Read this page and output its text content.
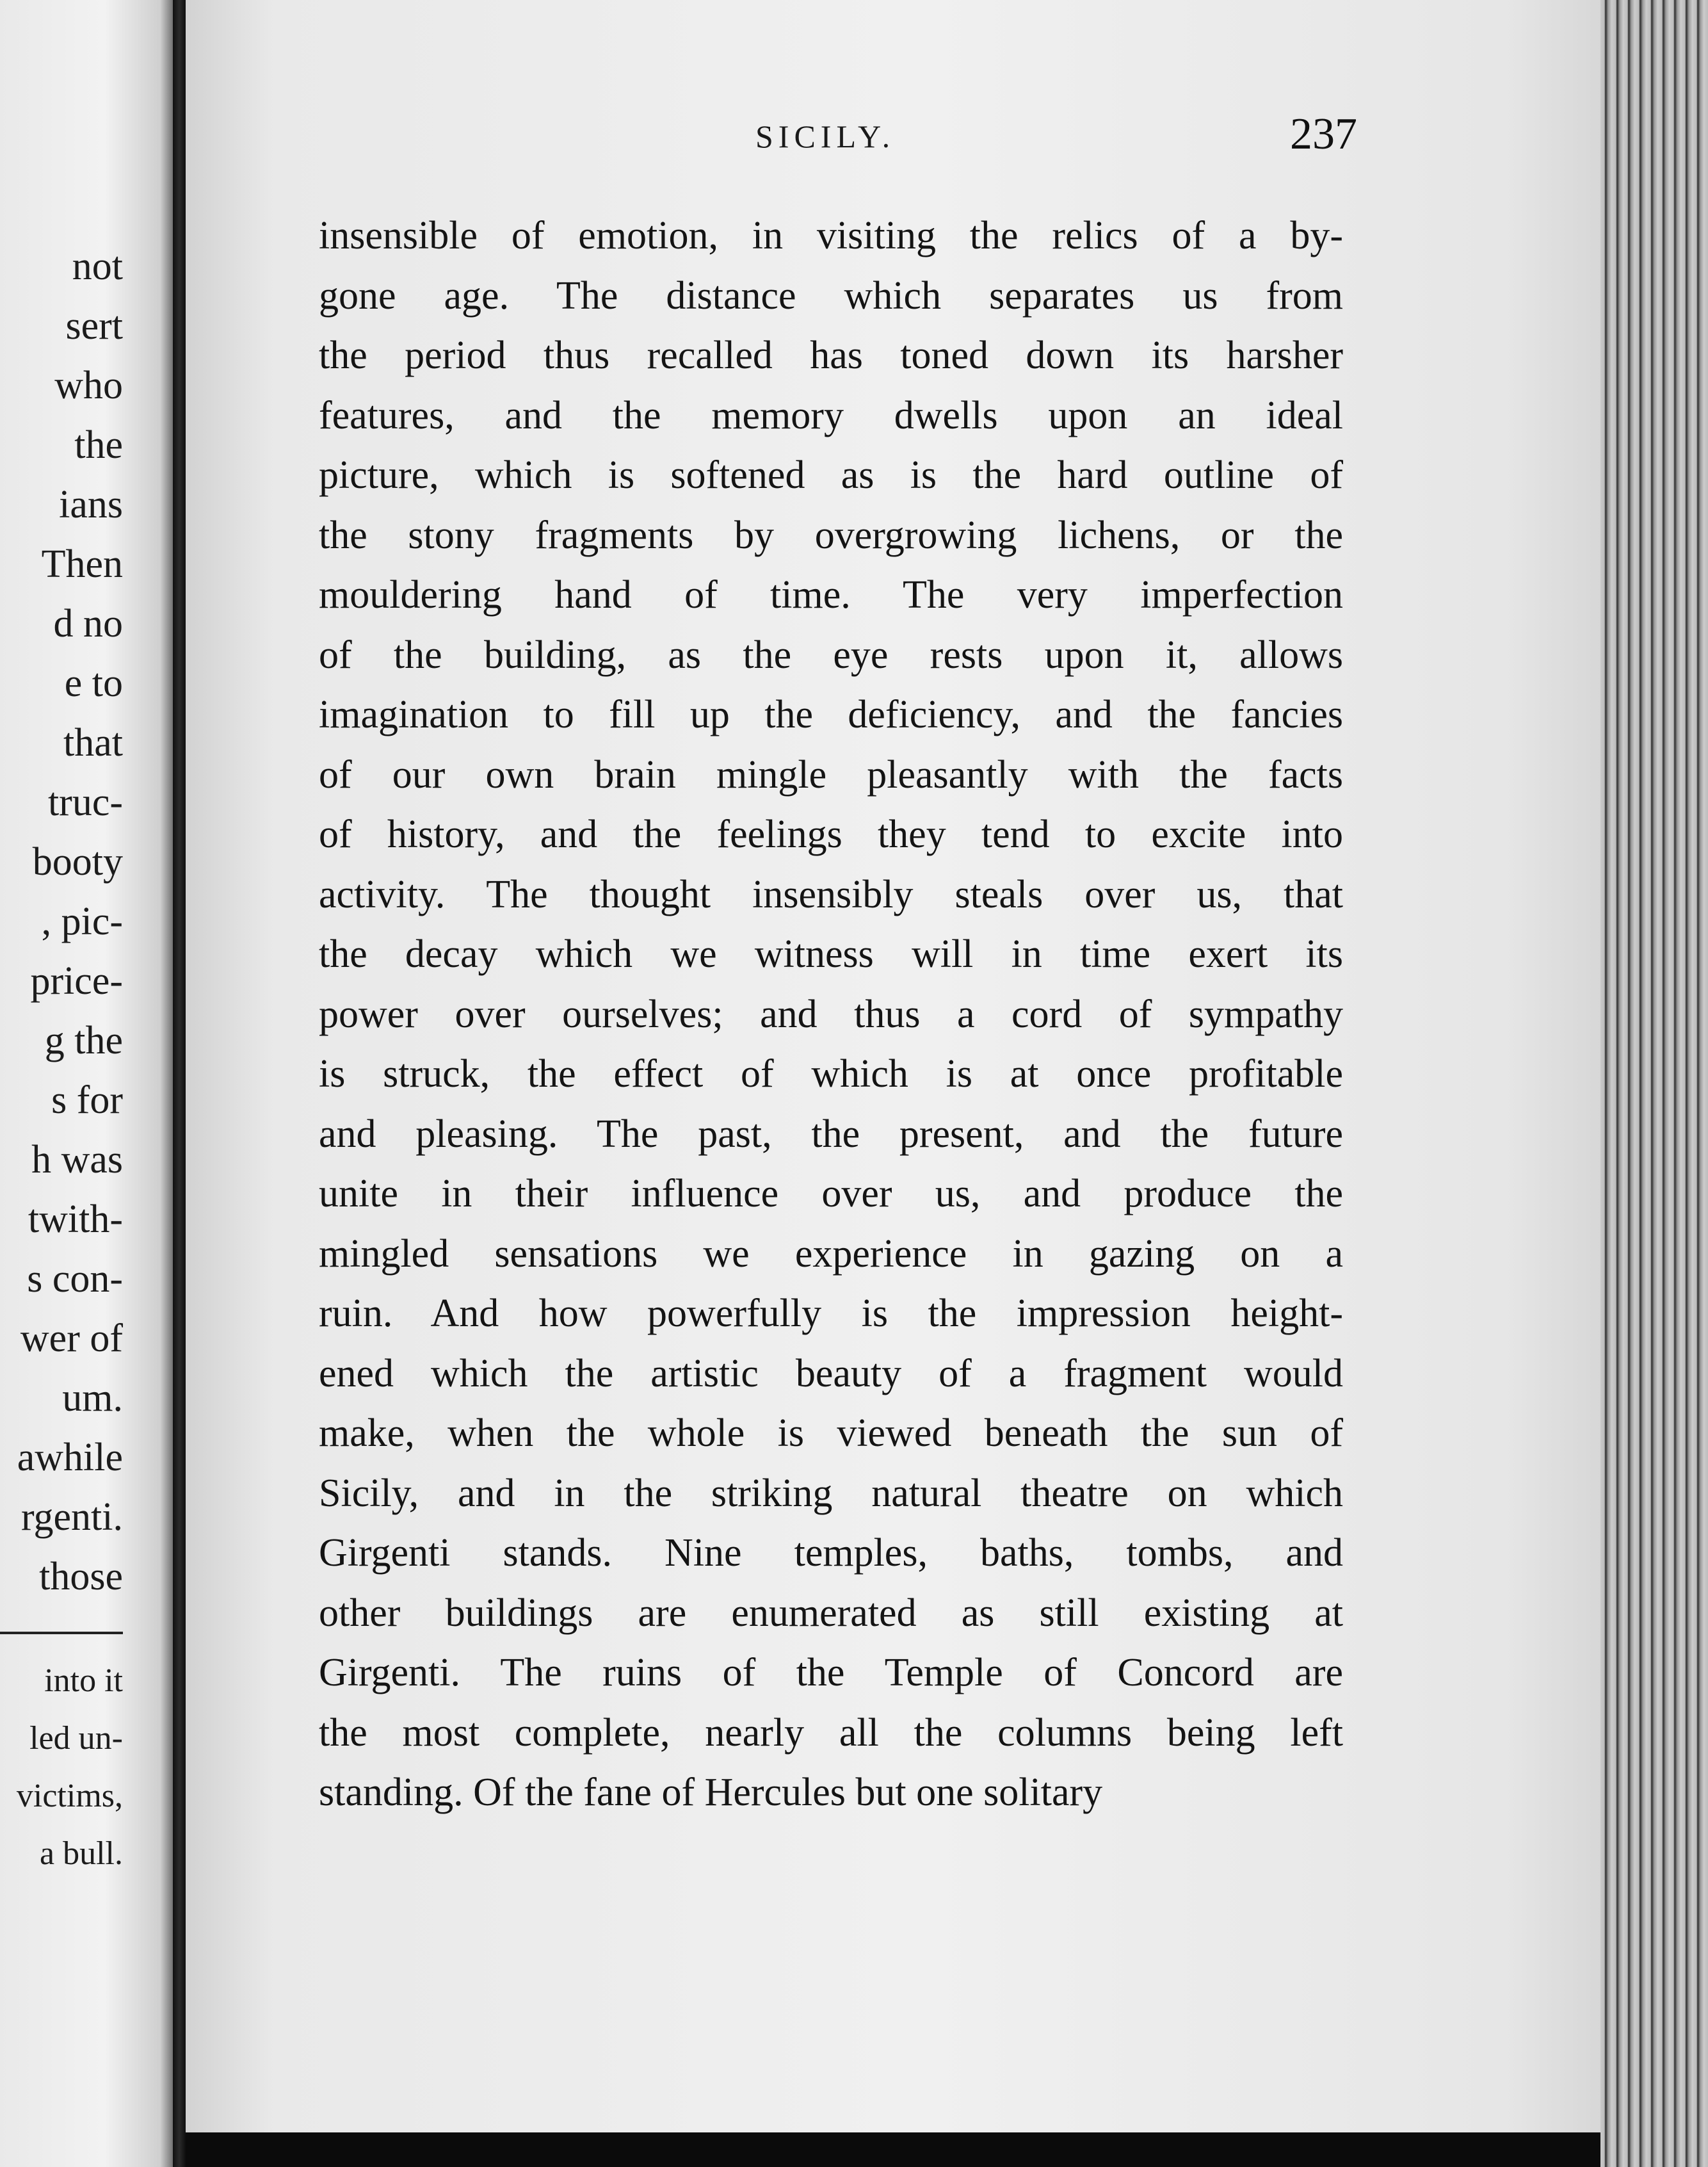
not
sert
who
the
ians
Then
d no
e to
that
truc-
booty
, pic-
price-
g the
s for
h was
twith-
s con-
wer of
um.
awhile
rgenti.
those
into it
led un-
victims,
a bull.
SICILY.	237
insensible of emotion, in visiting the relics of a by-
gone age. The distance which separates us from
the period thus recalled has toned down its harsher
features, and the memory dwells upon an ideal
picture, which is softened as is the hard outline of
the stony fragments by overgrowing lichens, or the
mouldering hand of time. The very imperfection
of the building, as the eye rests upon it, allows
imagination to fill up the deficiency, and the fancies
of our own brain mingle pleasantly with the facts
of history, and the feelings they tend to excite into
activity. The thought insensibly steals over us, that
the decay which we witness will in time exert its
power over ourselves; and thus a cord of sympathy
is struck, the effect of which is at once profitable
and pleasing. The past, the present, and the future
unite in their influence over us, and produce the
mingled sensations we experience in gazing on a
ruin. And how powerfully is the impression height-
ened which the artistic beauty of a fragment would
make, when the whole is viewed beneath the sun of
Sicily, and in the striking natural theatre on which
Girgenti stands. Nine temples, baths, tombs, and
other buildings are enumerated as still existing at
Girgenti. The ruins of the Temple of Concord are
the most complete, nearly all the columns being left
standing. Of the fane of Hercules but one solitary
